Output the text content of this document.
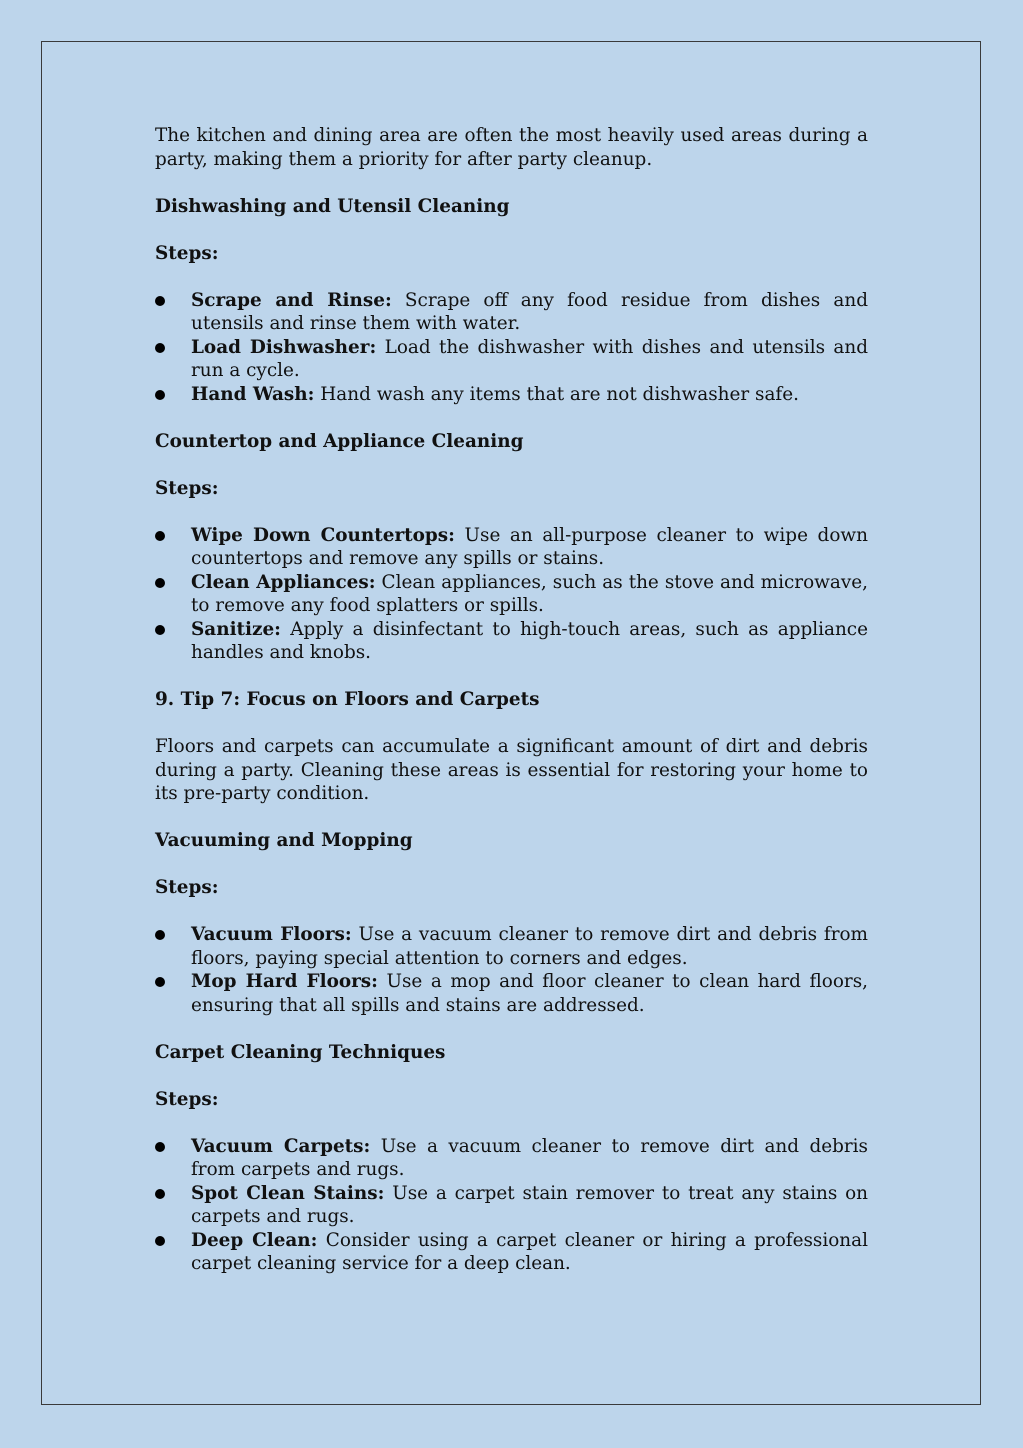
The kitchen and dining area are often the most heavily used areas during a party, making them a priority for after party cleanup.

Dishwashing and Utensil Cleaning
Steps:
Scrape and Rinse: Scrape off any food residue from dishes and utensils and rinse them with water.
Load Dishwasher: Load the dishwasher with dishes and utensils and run a cycle.
Hand Wash: Hand wash any items that are not dishwasher safe.
Countertop and Appliance Cleaning
Steps:
Wipe Down Countertops: Use an all-purpose cleaner to wipe down countertops and remove any spills or stains.
Clean Appliances: Clean appliances, such as the stove and microwave, to remove any food splatters or spills.
Sanitize: Apply a disinfectant to high-touch areas, such as appliance handles and knobs.
9. Tip 7: Focus on Floors and Carpets

Floors and carpets can accumulate a significant amount of dirt and debris during a party. Cleaning these areas is essential for restoring your home to its pre-party condition.

Vacuuming and Mopping
Steps:
Vacuum Floors: Use a vacuum cleaner to remove dirt and debris from floors, paying special attention to corners and edges.
Mop Hard Floors: Use a mop and floor cleaner to clean hard floors, ensuring that all spills and stains are addressed.
Carpet Cleaning Techniques
Steps:
Vacuum Carpets: Use a vacuum cleaner to remove dirt and debris from carpets and rugs.
Spot Clean Stains: Use a carpet stain remover to treat any stains on carpets and rugs.
Deep Clean: Consider using a carpet cleaner or hiring a professional carpet cleaning service for a deep clean.
